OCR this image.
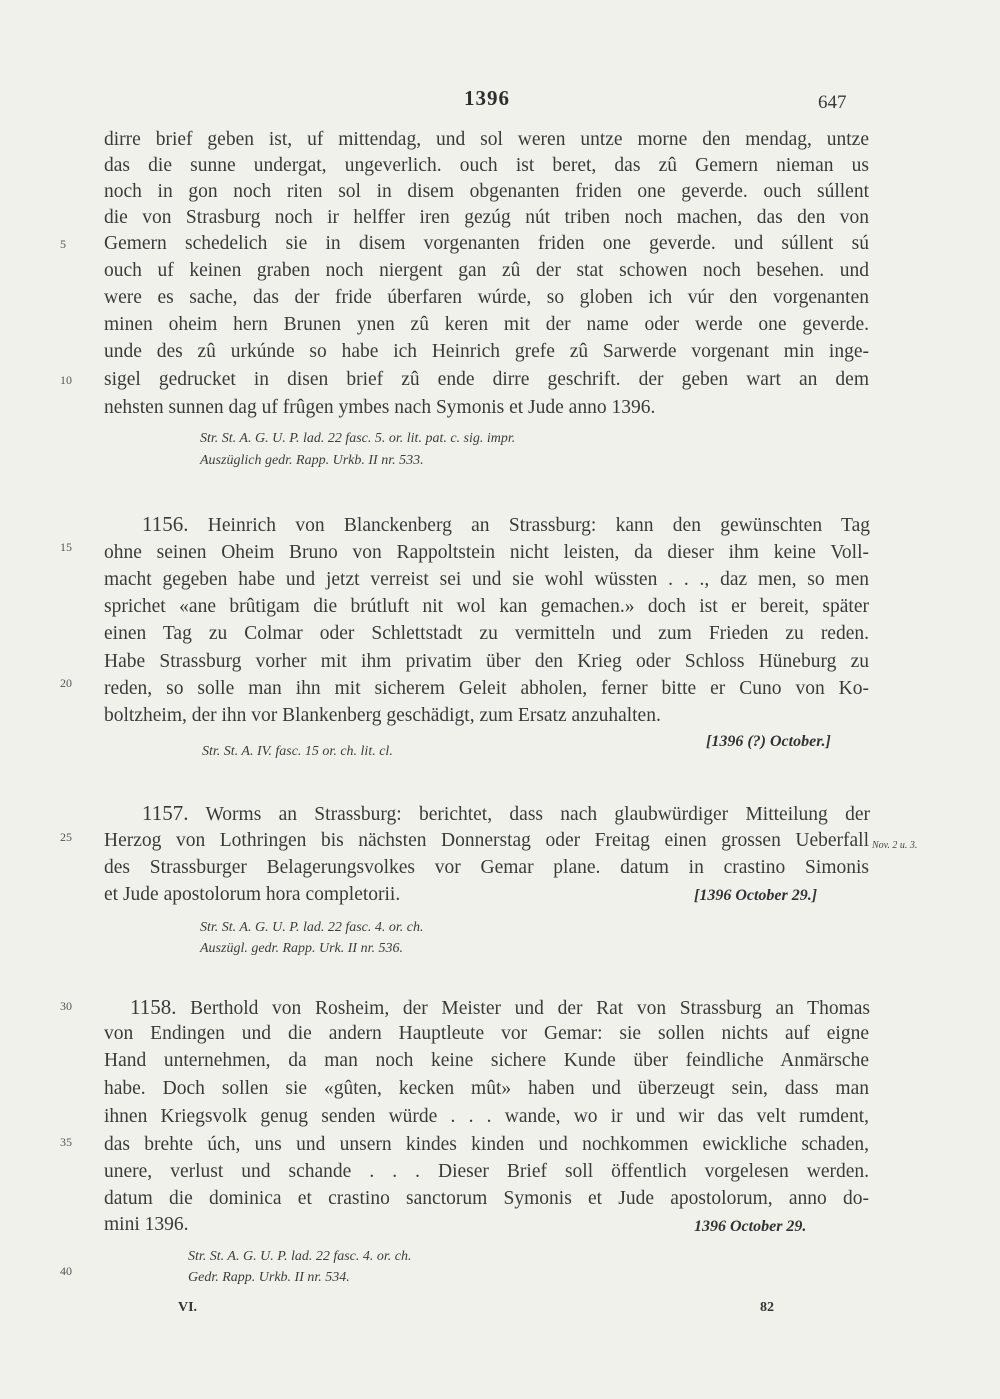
1396	647
dirre brief geben ist, uf mittendag, und sol weren untze morne den mendag, untze
das die sunne undergat, ungeverlich. ouch ist beret, das zû Gemern nieman us
noch in gon noch riten sol in disem obgenanten friden one geverde. ouch súllent
die von Strasburg noch ir helffer iren gezúg nút triben noch machen, das den von
Gemern schedelich sie in disem vorgenanten friden one geverde. und súllent sú
ouch uf keinen graben noch niergent gan zû der stat schowen noch besehen. und
were es sache, das der fride úberfaren wúrde, so globen ich vúr den vorgenanten
minen oheim hern Brunen ynen zû keren mit der name oder werde one geverde.
unde des zû urkúnde so habe ich Heinrich grefe zû Sarwerde vorgenant min inge-
sigel gedrucket in disen brief zû ende dirre geschrift. der geben wart an dem
nehsten sunnen dag uf frûgen ymbes nach Symonis et Jude anno 1396.
Str. St. A. G. U. P. lad. 22 fasc. 5. or. lit. pat. c. sig. impr.
Auszüglich gedr. Rapp. Urkb. II nr. 533.
1156. Heinrich von Blanckenberg an Strassburg: kann den gewünschten Tag
ohne seinen Oheim Bruno von Rappoltstein nicht leisten, da dieser ihm keine Voll-
macht gegeben habe und jetzt verreist sei und sie wohl wüssten . . ., daz men, so men
sprichet «ane brûtigam die brútluft nit wol kan gemachen.» doch ist er bereit, später
einen Tag zu Colmar oder Schlettstadt zu vermitteln und zum Frieden zu reden.
Habe Strassburg vorher mit ihm privatim über den Krieg oder Schloss Hüneburg zu
reden, so solle man ihn mit sicherem Geleit abholen, ferner bitte er Cuno von Ko-
boltzheim, der ihn vor Blankenberg geschädigt, zum Ersatz anzuhalten.
[1396 (?) October.]
Str. St. A. IV. fasc. 15 or. ch. lit. cl.
1157. Worms an Strassburg: berichtet, dass nach glaubwürdiger Mitteilung der
Herzog von Lothringen bis nächsten Donnerstag oder Freitag einen grossen Ueberfall
des Strassburger Belagerungsvolkes vor Gemar plane. datum in crastino Simonis
et Jude apostolorum hora completorii.	[1396 October 29.]
Nov. 2 u. 3.
Str. St. A. G. U. P. lad. 22 fasc. 4. or. ch.
Auszügl. gedr. Rapp. Urk. II nr. 536.
1158. Berthold von Rosheim, der Meister und der Rat von Strassburg an Thomas
von Endingen und die andern Hauptleute vor Gemar: sie sollen nichts auf eigne
Hand unternehmen, da man noch keine sichere Kunde über feindliche Anmärsche
habe. Doch sollen sie «gûten, kecken mût» haben und überzeugt sein, dass man
ihnen Kriegsvolk genug senden würde . . . wande, wo ir und wir das velt rumdent,
das brehte úch, uns und unsern kindes kinden und nochkommen ewickliche schaden,
unere, verlust und schande . . . Dieser Brief soll öffentlich vorgelesen werden.
datum die dominica et crastino sanctorum Symonis et Jude apostolorum, anno do-
mini 1396.	1396 October 29.
Str. St. A. G. U. P. lad. 22 fasc. 4. or. ch.
Gedr. Rapp. Urkb. II nr. 534.
5
10
15
20
25
30
35
40
VI.	82
